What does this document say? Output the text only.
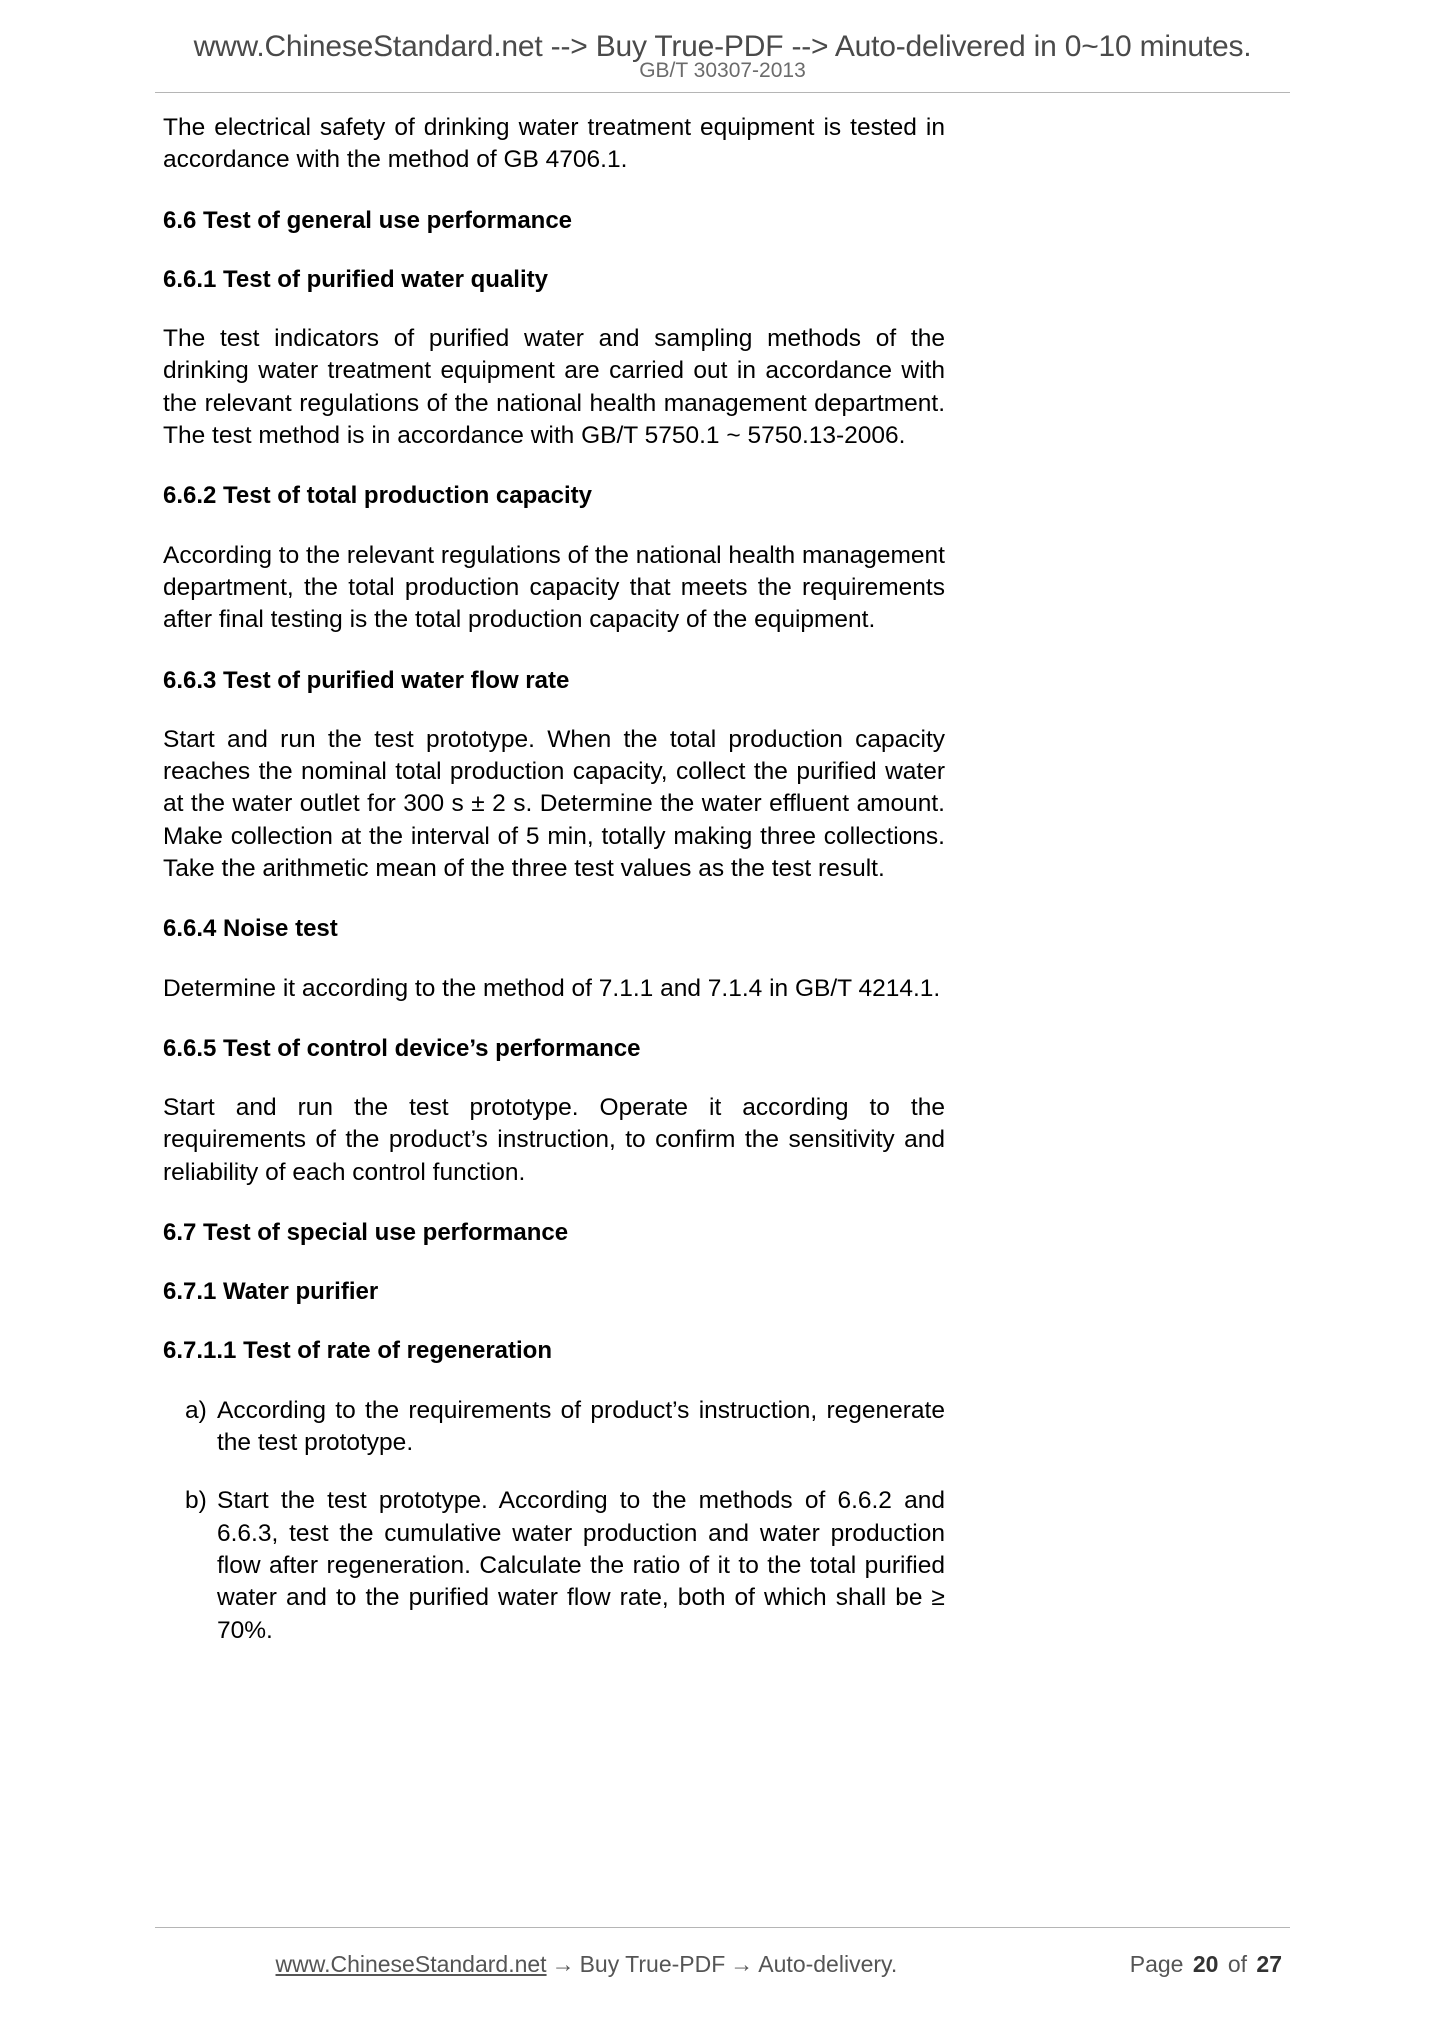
www.ChineseStandard.net --> Buy True-PDF --> Auto-delivered in 0~10 minutes.
GB/T 30307-2013

The electrical safety of drinking water treatment equipment is tested in accordance with the method of GB 4706.1.

6.6 Test of general use performance
6.6.1 Test of purified water quality

The test indicators of purified water and sampling methods of the drinking water treatment equipment are carried out in accordance with the relevant regulations of the national health management department. The test method is in accordance with GB/T 5750.1 ~ 5750.13-2006.

6.6.2 Test of total production capacity

According to the relevant regulations of the national health management department, the total production capacity that meets the requirements after final testing is the total production capacity of the equipment.

6.6.3 Test of purified water flow rate

Start and run the test prototype. When the total production capacity reaches the nominal total production capacity, collect the purified water at the water outlet for 300 s ± 2 s. Determine the water effluent amount. Make collection at the interval of 5 min, totally making three collections. Take the arithmetic mean of the three test values as the test result.

6.6.4 Noise test

Determine it according to the method of 7.1.1 and 7.1.4 in GB/T 4214.1.

6.6.5 Test of control device’s performance

Start and run the test prototype. Operate it according to the requirements of the product’s instruction, to confirm the sensitivity and reliability of each control function.

6.7 Test of special use performance
6.7.1 Water purifier
6.7.1.1 Test of rate of regeneration
a) According to the requirements of product’s instruction, regenerate the test prototype.
b) Start the test prototype. According to the methods of 6.6.2 and 6.6.3, test the cumulative water production and water production flow after regeneration. Calculate the ratio of it to the total purified water and to the purified water flow rate, both of which shall be ≥ 70%.
www.ChineseStandard.net → Buy True-PDF → Auto-delivery.	Page 20 of 27
